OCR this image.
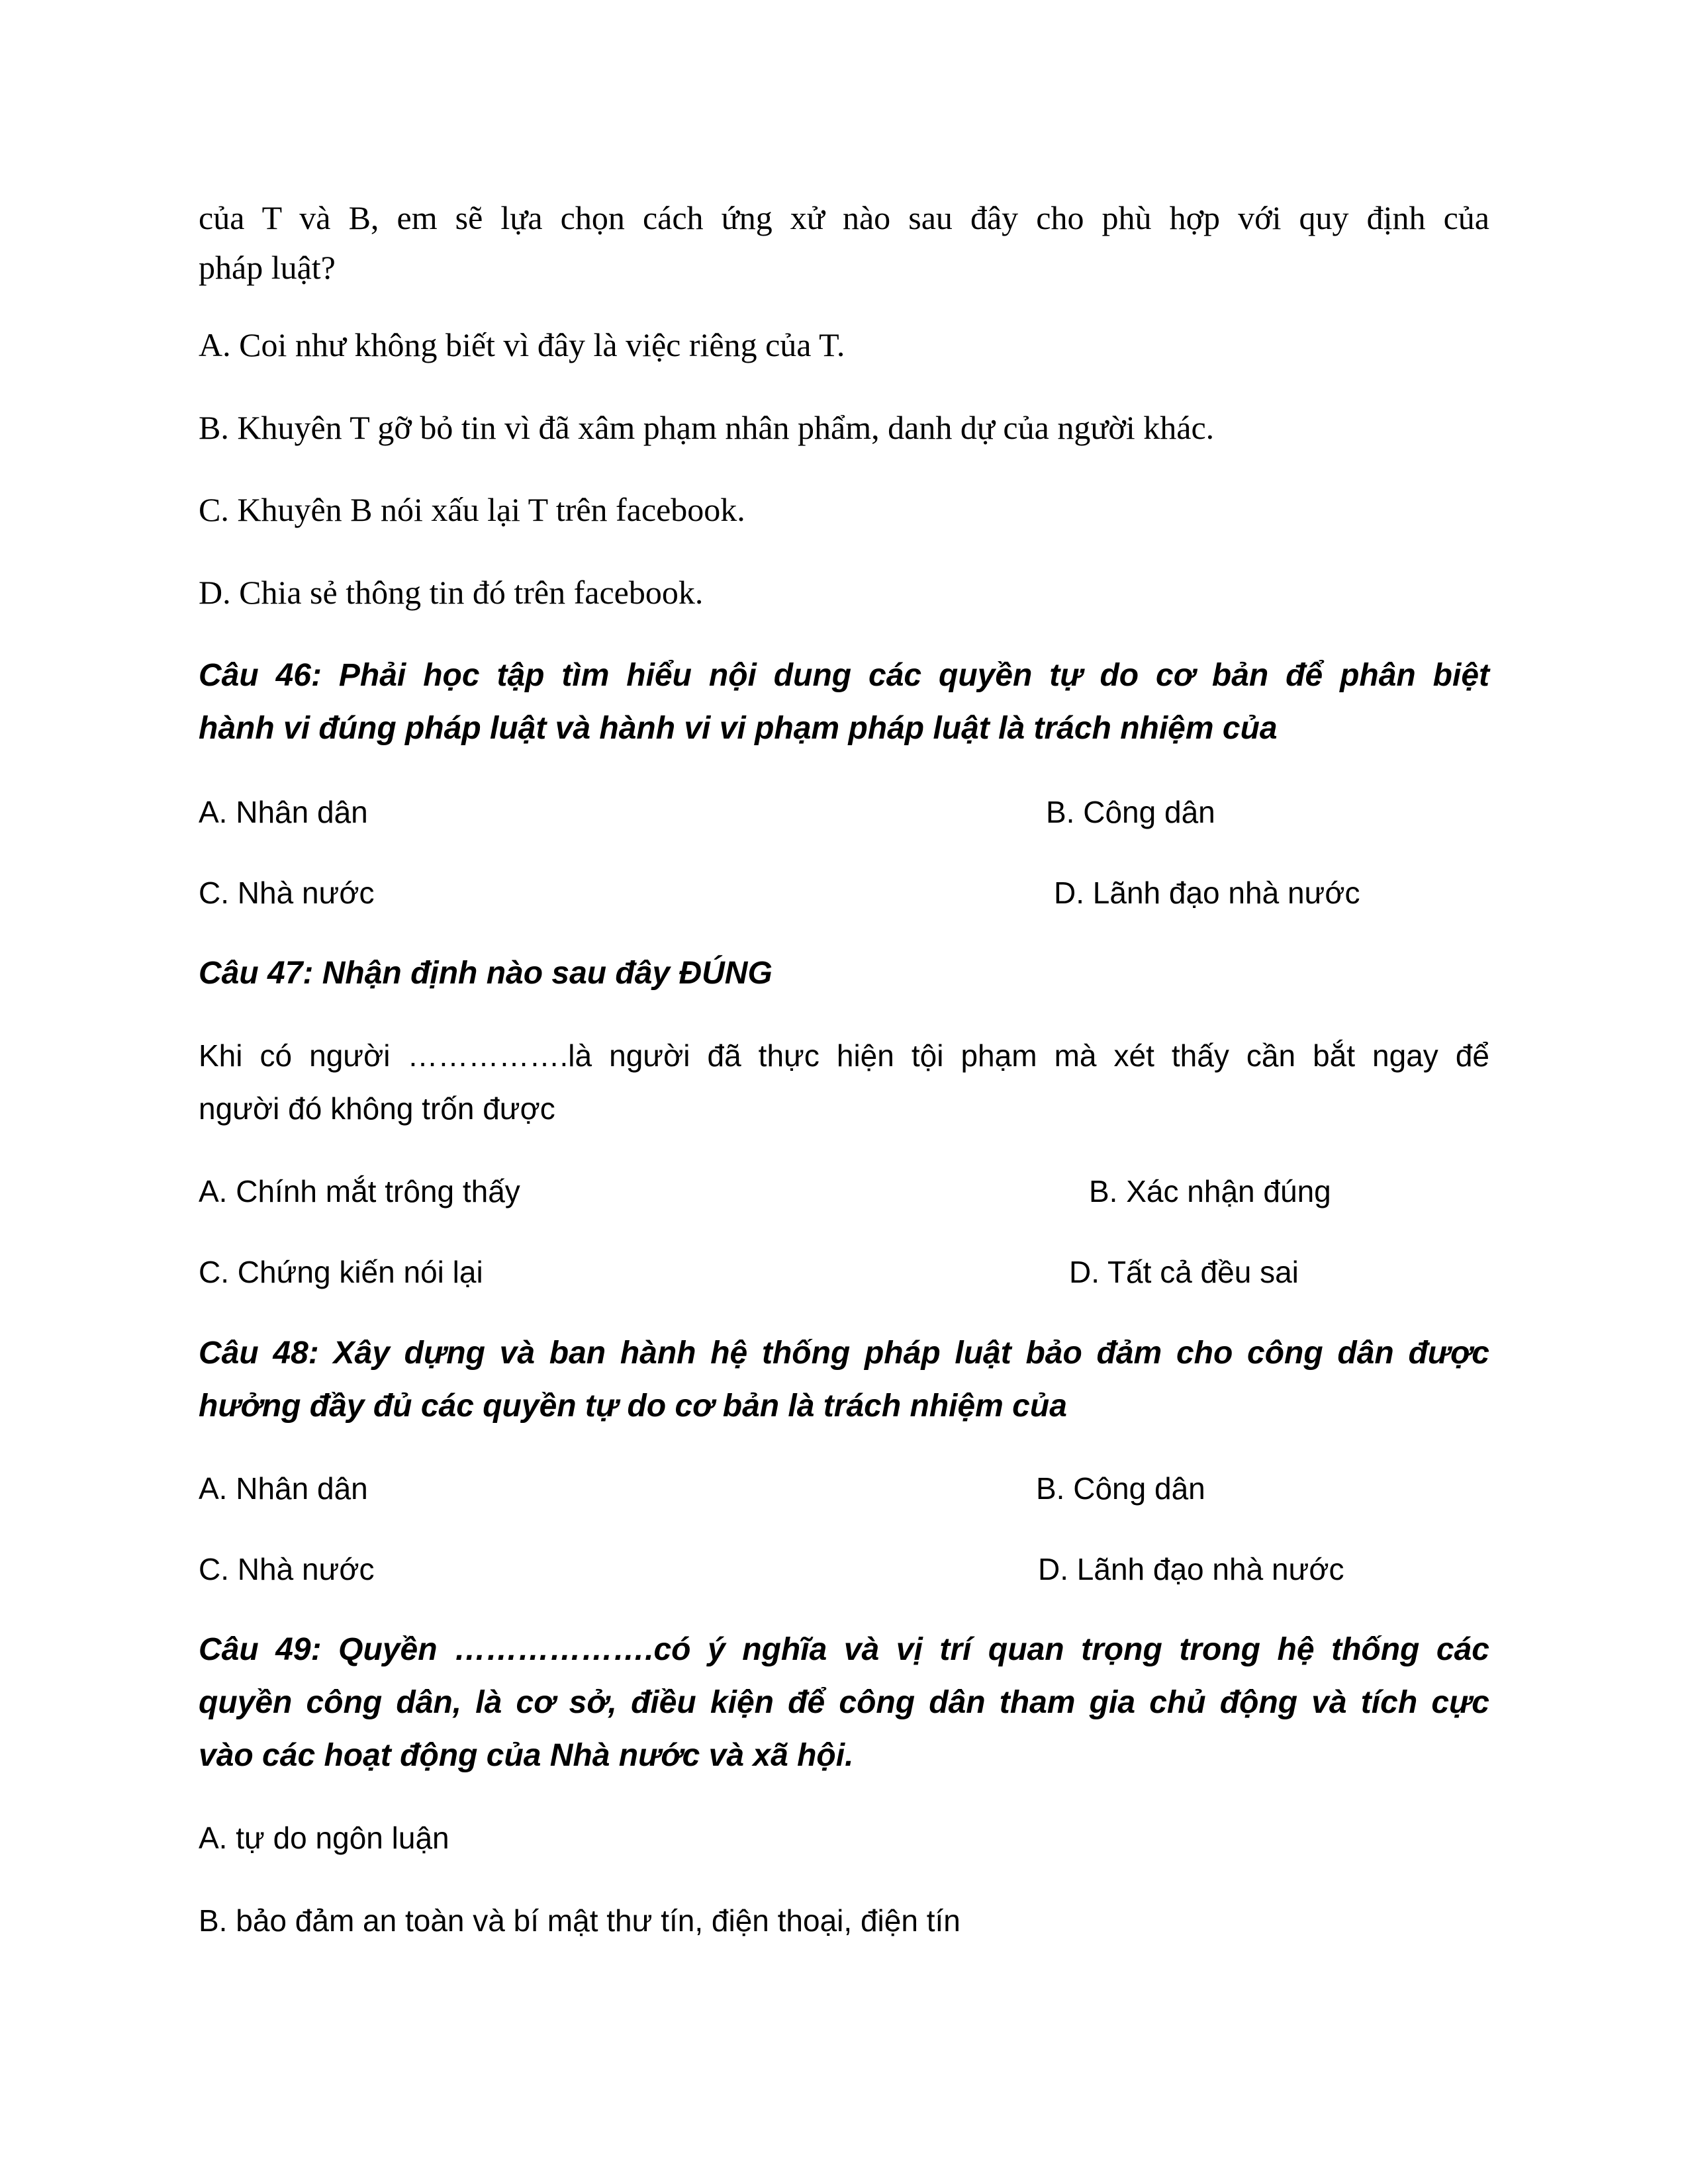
của T và B, em sẽ lựa chọn cách ứng xử nào sau đây cho phù hợp với quy định của

pháp luật?

A. Coi như không biết vì đây là việc riêng của T.

B. Khuyên T gỡ bỏ tin vì đã xâm phạm nhân phẩm, danh dự của người khác.

C. Khuyên B nói xấu lại T trên facebook.

D. Chia sẻ thông tin đó trên facebook.

Câu 46: Phải học tập tìm hiểu nội dung các quyền tự do cơ bản để phân biệt

hành vi đúng pháp luật và hành vi vi phạm pháp luật là trách nhiệm của

A. Nhân dân	B. Công dân

C. Nhà nước	D. Lãnh đạo nhà nước

Câu 47: Nhận định nào sau đây ĐÚNG

Khi có người …………….là người đã thực hiện tội phạm mà xét thấy cần bắt ngay để

người đó không trốn được

A. Chính mắt trông thấy	B. Xác nhận đúng

C. Chứng kiến nói lại	D. Tất cả đều sai

Câu 48: Xây dựng và ban hành hệ thống pháp luật bảo đảm cho công dân được

hưởng đầy đủ các quyền tự do cơ bản là trách nhiệm của

A. Nhân dân	B. Công dân

C. Nhà nước	D. Lãnh đạo nhà nước

Câu 49: Quyền ……………….có ý nghĩa và vị trí quan trọng trong hệ thống các

quyền công dân, là cơ sở, điều kiện để công dân tham gia chủ động và tích cực

vào các hoạt động của Nhà nước và xã hội.

A. tự do ngôn luận

B. bảo đảm an toàn và bí mật thư tín, điện thoại, điện tín
